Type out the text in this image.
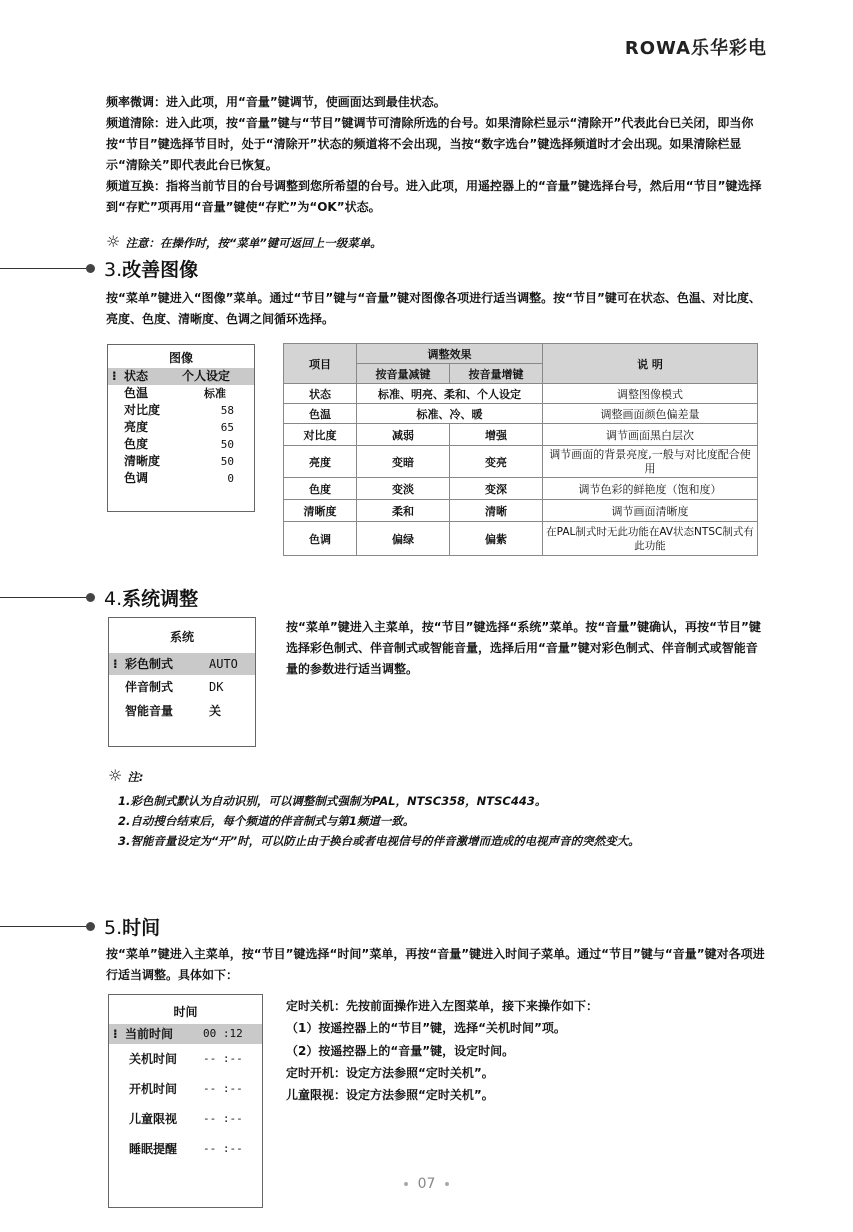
ROWA乐华彩电
频率微调：进入此项，用“音量”键调节，使画面达到最佳状态。
频道清除：进入此项，按“音量”键与“节目”键调节可清除所选的台号。如果清除栏显示“清除开”代表此台已关闭，即当你按“节目”键选择节目时，处于“清除开”状态的频道将不会出现，当按“数字选台”键选择频道时才会出现。如果清除栏显示“清除关”即代表此台已恢复。
频道互换：指将当前节目的台号调整到您所希望的台号。进入此项，用遥控器上的“音量”键选择台号，然后用“节目”键选择到“存贮”项再用“音量”键使“存贮”为“OK”状态。
☼ 注意：在操作时，按“菜单”键可返回上一级菜单。
3.改善图像
按“菜单”键进入“图像”菜单。通过“节目”键与“音量”键对图像各项进行适当调整。按“节目”键可在状态、色温、对比度、亮度、色度、清晰度、色调之间循环选择。
图像
⁝ 状态	个人设定
色温	标准
对比度	58
亮度	65
色度	50
清晰度	50
色调	0
项目	调整效果		说 明
	按音量减键	按音量增键	
状态	标准、明亮、柔和、个人设定		调整图像模式
色温	标准、冷、暖		调整画面颜色偏差量
对比度	减弱	增强	调节画面黑白层次
亮度	变暗	变亮	调节画面的背景亮度,一般与对比度配合使用
色度	变淡	变深	调节色彩的鲜艳度（饱和度）
清晰度	柔和	清晰	调节画面清晰度
色调	偏绿	偏紫	在PAL制式时无此功能在AV状态NTSC制式有此功能
4.系统调整
系统
⁝ 彩色制式	AUTO
伴音制式	DK
智能音量	关
按“菜单”键进入主菜单，按“节目”键选择“系统”菜单。按“音量”键确认，再按“节目”键选择彩色制式、伴音制式或智能音量，选择后用“音量”键对彩色制式、伴音制式或智能音量的参数进行适当调整。
☼ 注:
1.彩色制式默认为自动识别，可以调整制式强制为PAL，NTSC358，NTSC443。
2.自动搜台结束后，每个频道的伴音制式与第1频道一致。
3.智能音量设定为“开”时，可以防止由于换台或者电视信号的伴音激增而造成的电视声音的突然变大。
5.时间
按“菜单”键进入主菜单，按“节目”键选择“时间”菜单，再按“音量”键进入时间子菜单。通过“节目”键与“音量”键对各项进行适当调整。具体如下：
时间
⁝ 当前时间	00 :12
关机时间	-- :--
开机时间	-- :--
儿童限视	-- :--
睡眠提醒	-- :--
定时关机：先按前面操作进入左图菜单，接下来操作如下：
（1）按遥控器上的“节目”键，选择“关机时间”项。
（2）按遥控器上的“音量”键，设定时间。
定时开机：设定方法参照“定时关机”。
儿童限视：设定方法参照“定时关机”。
07
